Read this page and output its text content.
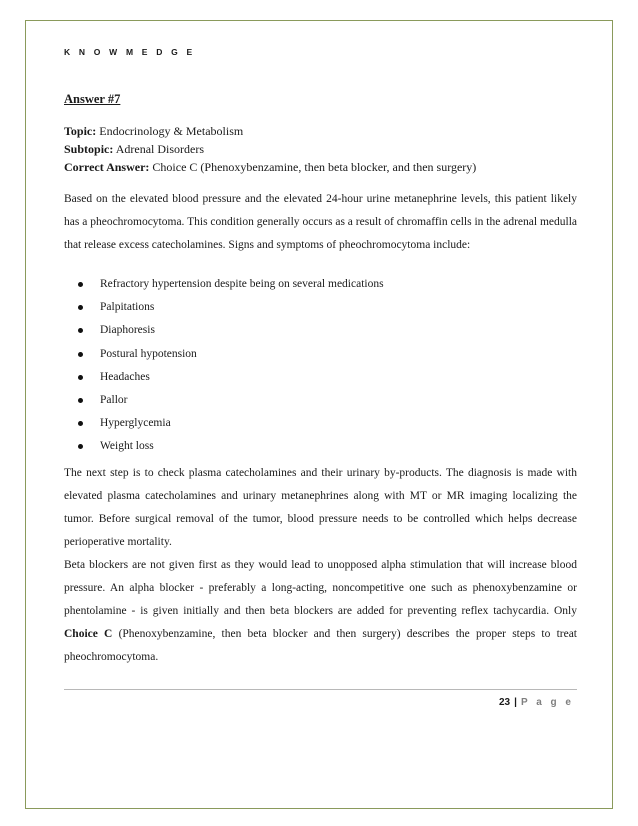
K N O W M E D G E
Answer #7
Topic: Endocrinology & Metabolism
Subtopic: Adrenal Disorders
Correct Answer: Choice C (Phenoxybenzamine, then beta blocker, and then surgery)
Based on the elevated blood pressure and the elevated 24-hour urine metanephrine levels, this patient likely has a pheochromocytoma. This condition generally occurs as a result of chromaffin cells in the adrenal medulla that release excess catecholamines. Signs and symptoms of pheochromocytoma include:
Refractory hypertension despite being on several medications
Palpitations
Diaphoresis
Postural hypotension
Headaches
Pallor
Hyperglycemia
Weight loss
The next step is to check plasma catecholamines and their urinary by-products. The diagnosis is made with elevated plasma catecholamines and urinary metanephrines along with MT or MR imaging localizing the tumor. Before surgical removal of the tumor, blood pressure needs to be controlled which helps decrease perioperative mortality.
Beta blockers are not given first as they would lead to unopposed alpha stimulation that will increase blood pressure. An alpha blocker - preferably a long-acting, noncompetitive one such as phenoxybenzamine or phentolamine - is given initially and then beta blockers are added for preventing reflex tachycardia. Only Choice C (Phenoxybenzamine, then beta blocker and then surgery) describes the proper steps to treat pheochromocytoma.
23 | P a g e
